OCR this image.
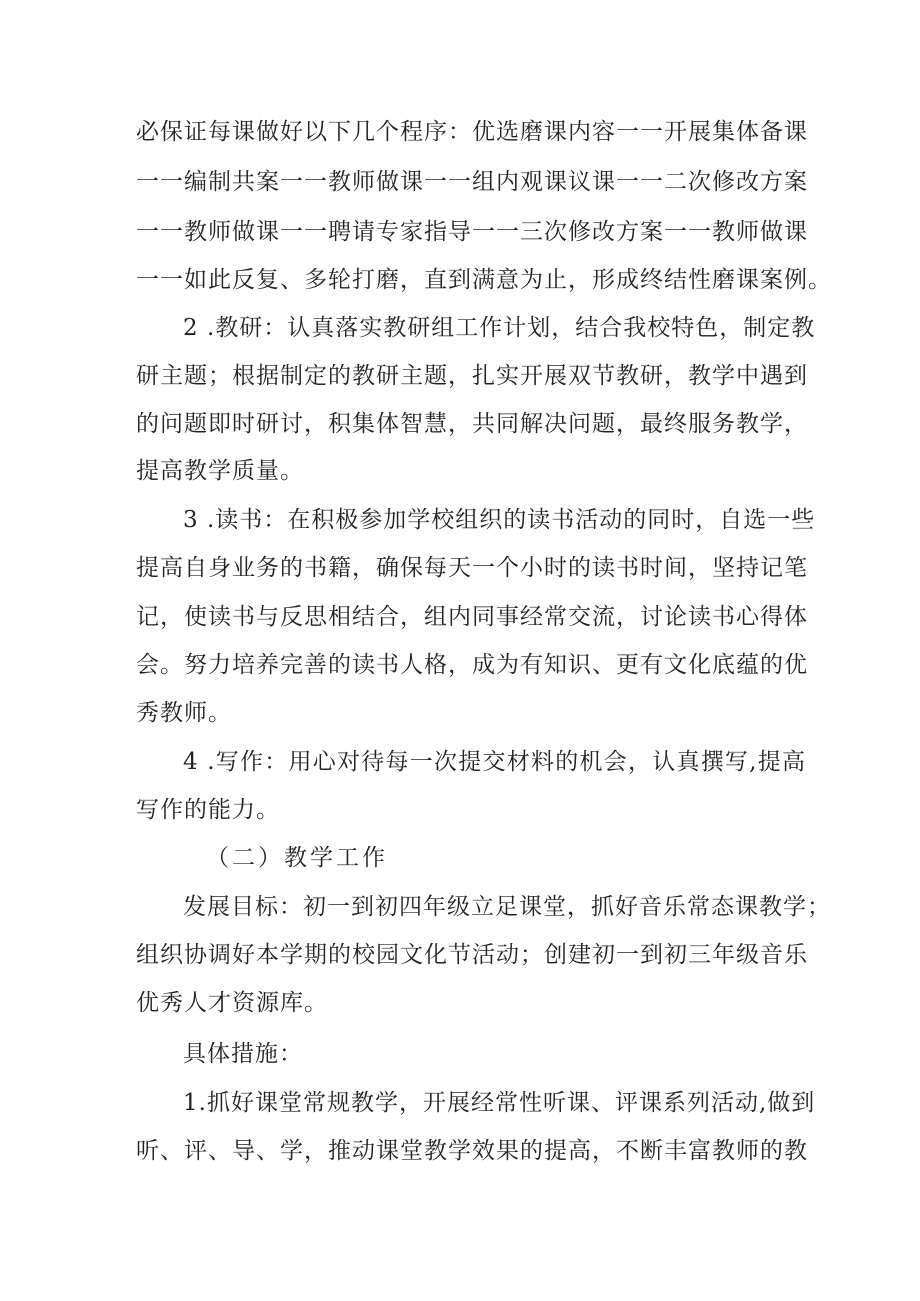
必保证每课做好以下几个程序：优选磨课内容一一开展集体备课
一一编制共案一一教师做课一一组内观课议课一一二次修改方案
一一教师做课一一聘请专家指导一一三次修改方案一一教师做课
一一如此反复、多轮打磨，直到满意为止，形成终结性磨课案例。
2 .教研：认真落实教研组工作计划，结合我校特色，制定教
研主题；根据制定的教研主题，扎实开展双节教研，教学中遇到
的问题即时研讨，积集体智慧，共同解决问题，最终服务教学，
提高教学质量。
3 .读书：在积极参加学校组织的读书活动的同时，自选一些
提高自身业务的书籍，确保每天一个小时的读书时间，坚持记笔
记，使读书与反思相结合，组内同事经常交流，讨论读书心得体
会。努力培养完善的读书人格，成为有知识、更有文化底蕴的优
秀教师。
4 .写作：用心对待每一次提交材料的机会，认真撰写,提高
写作的能力。
（二）教学工作
发展目标：初一到初四年级立足课堂，抓好音乐常态课教学；
组织协调好本学期的校园文化节活动；创建初一到初三年级音乐
优秀人才资源库。
具体措施：
1.抓好课堂常规教学，开展经常性听课、评课系列活动,做到
听、评、导、学，推动课堂教学效果的提高，不断丰富教师的教
